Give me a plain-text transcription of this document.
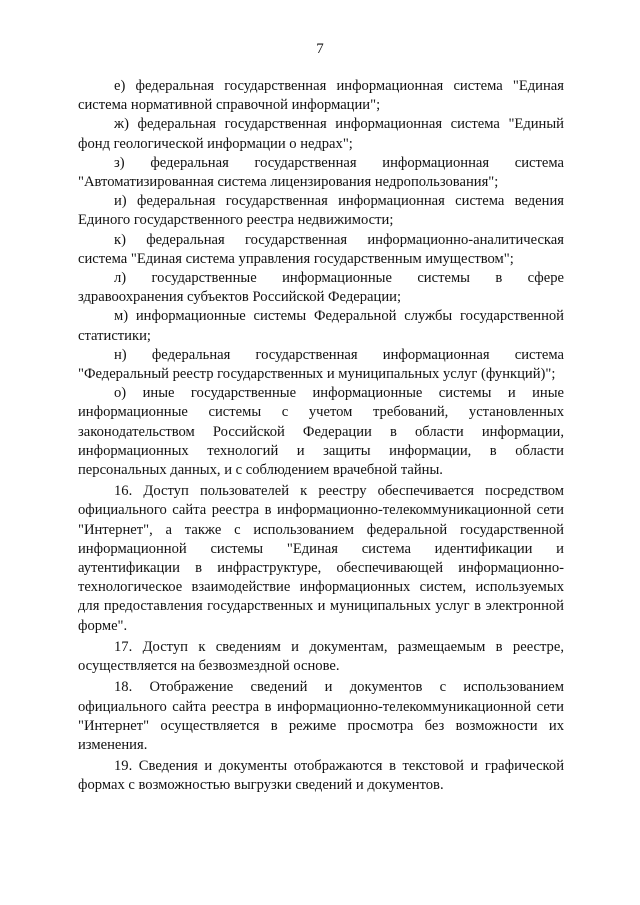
7

е) федеральная государственная информационная система "Единая система нормативной справочной информации";

ж) федеральная государственная информационная система "Единый фонд геологической информации о недрах";

з) федеральная государственная информационная система "Автоматизированная система лицензирования недропользования";

и) федеральная государственная информационная система ведения Единого государственного реестра недвижимости;

к) федеральная государственная информационно-аналитическая система "Единая система управления государственным имуществом";

л) государственные информационные системы в сфере здравоохранения субъектов Российской Федерации;

м) информационные системы Федеральной службы государственной статистики;

н) федеральная государственная информационная система "Федеральный реестр государственных и муниципальных услуг (функций)";

о) иные государственные информационные системы и иные информационные системы с учетом требований, установленных законодательством Российской Федерации в области информации, информационных технологий и защиты информации, в области персональных данных, и с соблюдением врачебной тайны.

16. Доступ пользователей к реестру обеспечивается посредством официального сайта реестра в информационно-телекоммуникационной сети "Интернет", а также с использованием федеральной государственной информационной системы "Единая система идентификации и аутентификации в инфраструктуре, обеспечивающей информационно-технологическое взаимодействие информационных систем, используемых для предоставления государственных и муниципальных услуг в электронной форме".

17. Доступ к сведениям и документам, размещаемым в реестре, осуществляется на безвозмездной основе.

18. Отображение сведений и документов с использованием официального сайта реестра в информационно-телекоммуникационной сети "Интернет" осуществляется в режиме просмотра без возможности их изменения.

19. Сведения и документы отображаются в текстовой и графической формах с возможностью выгрузки сведений и документов.
